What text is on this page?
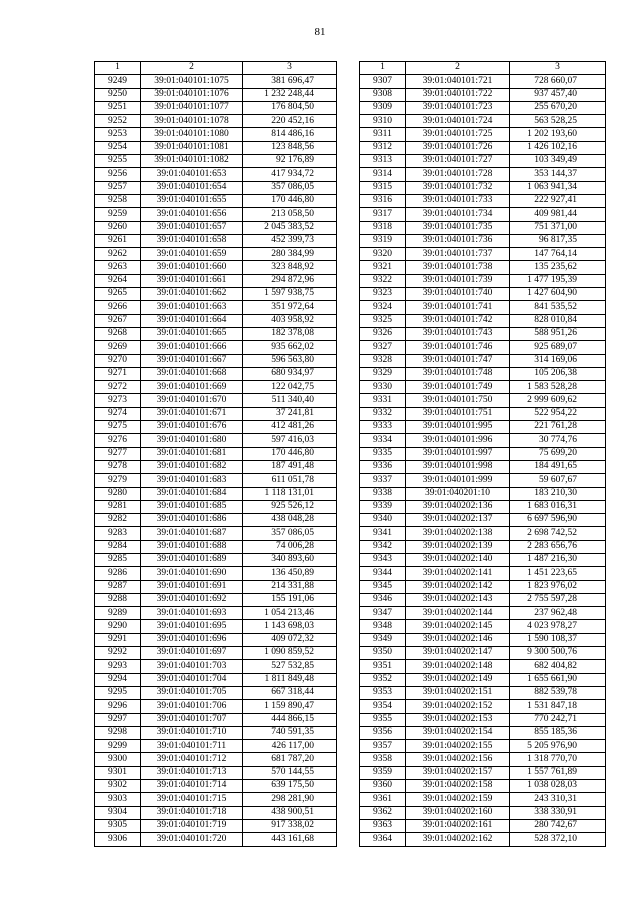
81
1	2	3
9249	39:01:040101:1075	381 696,47
9250	39:01:040101:1076	1 232 248,44
9251	39:01:040101:1077	176 804,50
9252	39:01:040101:1078	220 452,16
9253	39:01:040101:1080	814 486,16
9254	39:01:040101:1081	123 848,56
9255	39:01:040101:1082	92 176,89
9256	39:01:040101:653	417 934,72
9257	39:01:040101:654	357 086,05
9258	39:01:040101:655	170 446,80
9259	39:01:040101:656	213 058,50
9260	39:01:040101:657	2 045 383,52
9261	39:01:040101:658	452 399,73
9262	39:01:040101:659	280 384,99
9263	39:01:040101:660	323 848,92
9264	39:01:040101:661	294 872,96
9265	39:01:040101:662	1 597 938,75
9266	39:01:040101:663	351 972,64
9267	39:01:040101:664	403 958,92
9268	39:01:040101:665	182 378,08
9269	39:01:040101:666	935 662,02
9270	39:01:040101:667	596 563,80
9271	39:01:040101:668	680 934,97
9272	39:01:040101:669	122 042,75
9273	39:01:040101:670	511 340,40
9274	39:01:040101:671	37 241,81
9275	39:01:040101:676	412 481,26
9276	39:01:040101:680	597 416,03
9277	39:01:040101:681	170 446,80
9278	39:01:040101:682	187 491,48
9279	39:01:040101:683	611 051,78
9280	39:01:040101:684	1 118 131,01
9281	39:01:040101:685	925 526,12
9282	39:01:040101:686	438 048,28
9283	39:01:040101:687	357 086,05
9284	39:01:040101:688	74 006,28
9285	39:01:040101:689	340 893,60
9286	39:01:040101:690	136 450,89
9287	39:01:040101:691	214 331,88
9288	39:01:040101:692	155 191,06
9289	39:01:040101:693	1 054 213,46
9290	39:01:040101:695	1 143 698,03
9291	39:01:040101:696	409 072,32
9292	39:01:040101:697	1 090 859,52
9293	39:01:040101:703	527 532,85
9294	39:01:040101:704	1 811 849,48
9295	39:01:040101:705	667 318,44
9296	39:01:040101:706	1 159 890,47
9297	39:01:040101:707	444 866,15
9298	39:01:040101:710	740 591,35
9299	39:01:040101:711	426 117,00
9300	39:01:040101:712	681 787,20
9301	39:01:040101:713	570 144,55
9302	39:01:040101:714	639 175,50
9303	39:01:040101:715	298 281,90
9304	39:01:040101:718	438 900,51
9305	39:01:040101:719	917 338,02
9306	39:01:040101:720	443 161,68
1	2	3
9307	39:01:040101:721	728 660,07
9308	39:01:040101:722	937 457,40
9309	39:01:040101:723	255 670,20
9310	39:01:040101:724	563 528,25
9311	39:01:040101:725	1 202 193,60
9312	39:01:040101:726	1 426 102,16
9313	39:01:040101:727	103 349,49
9314	39:01:040101:728	353 144,37
9315	39:01:040101:732	1 063 941,34
9316	39:01:040101:733	222 927,41
9317	39:01:040101:734	409 981,44
9318	39:01:040101:735	751 371,00
9319	39:01:040101:736	96 817,35
9320	39:01:040101:737	147 764,14
9321	39:01:040101:738	135 235,62
9322	39:01:040101:739	1 477 195,39
9323	39:01:040101:740	1 427 604,90
9324	39:01:040101:741	841 535,52
9325	39:01:040101:742	828 010,84
9326	39:01:040101:743	588 951,26
9327	39:01:040101:746	925 689,07
9328	39:01:040101:747	314 169,06
9329	39:01:040101:748	105 206,38
9330	39:01:040101:749	1 583 528,28
9331	39:01:040101:750	2 999 609,62
9332	39:01:040101:751	522 954,22
9333	39:01:040101:995	221 761,28
9334	39:01:040101:996	30 774,76
9335	39:01:040101:997	75 699,20
9336	39:01:040101:998	184 491,65
9337	39:01:040101:999	59 607,67
9338	39:01:040201:10	183 210,30
9339	39:01:040202:136	1 683 016,31
9340	39:01:040202:137	6 697 596,90
9341	39:01:040202:138	2 698 742,52
9342	39:01:040202:139	2 283 656,76
9343	39:01:040202:140	1 487 216,30
9344	39:01:040202:141	1 451 223,65
9345	39:01:040202:142	1 823 976,02
9346	39:01:040202:143	2 755 597,28
9347	39:01:040202:144	237 962,48
9348	39:01:040202:145	4 023 978,27
9349	39:01:040202:146	1 590 108,37
9350	39:01:040202:147	9 300 500,76
9351	39:01:040202:148	682 404,82
9352	39:01:040202:149	1 655 661,90
9353	39:01:040202:151	882 539,78
9354	39:01:040202:152	1 531 847,18
9355	39:01:040202:153	770 242,71
9356	39:01:040202:154	855 185,36
9357	39:01:040202:155	5 205 976,90
9358	39:01:040202:156	1 318 770,70
9359	39:01:040202:157	1 557 761,89
9360	39:01:040202:158	1 038 028,03
9361	39:01:040202:159	243 310,31
9362	39:01:040202:160	338 330,91
9363	39:01:040202:161	280 742,67
9364	39:01:040202:162	528 372,10
